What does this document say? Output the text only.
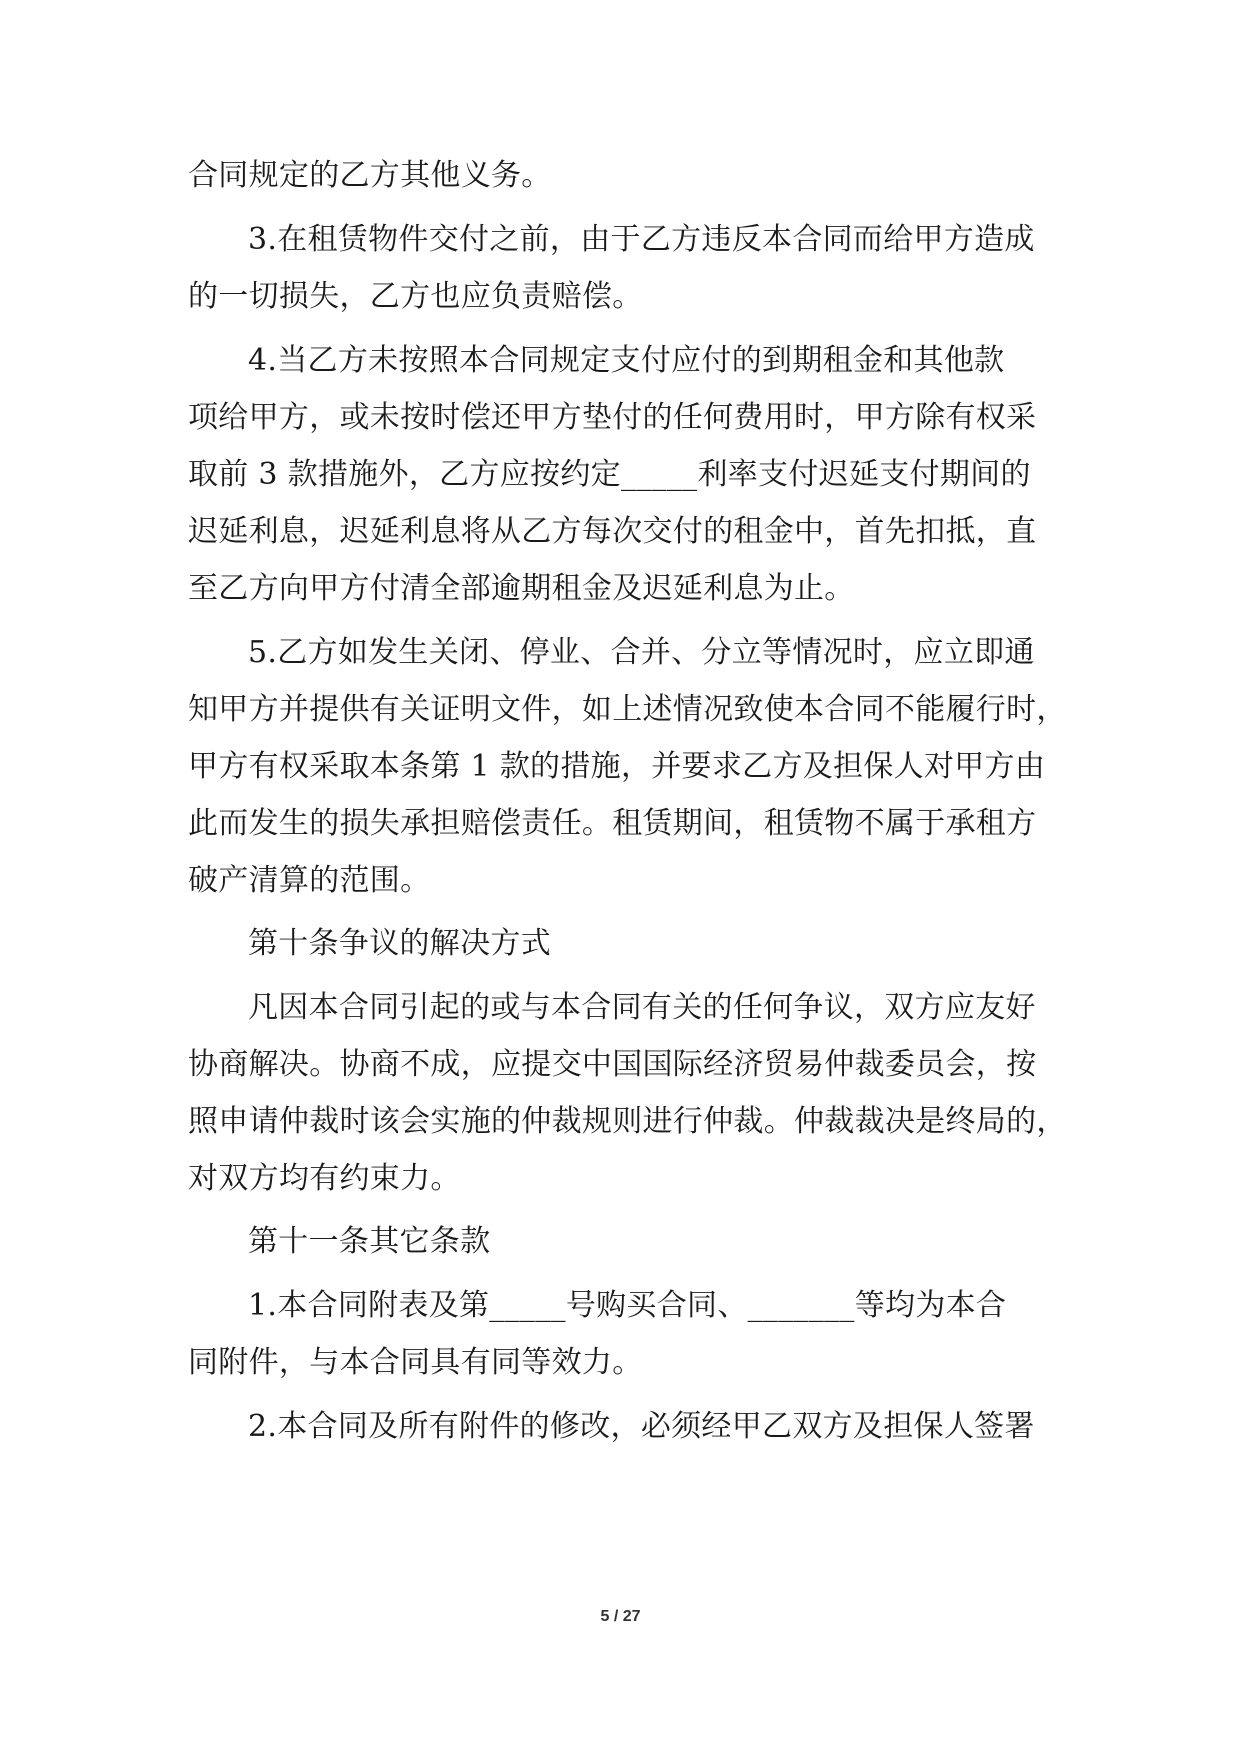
合同规定的乙方其他义务。
3.在租赁物件交付之前，由于乙方违反本合同而给甲方造成
的一切损失，乙方也应负责赔偿。
4.当乙方未按照本合同规定支付应付的到期租金和其他款
项给甲方，或未按时偿还甲方垫付的任何费用时，甲方除有权采
取前 3 款措施外，乙方应按约定_____利率支付迟延支付期间的
迟延利息，迟延利息将从乙方每次交付的租金中，首先扣抵，直
至乙方向甲方付清全部逾期租金及迟延利息为止。
5.乙方如发生关闭、停业、合并、分立等情况时，应立即通
知甲方并提供有关证明文件，如上述情况致使本合同不能履行时，
甲方有权采取本条第 1 款的措施，并要求乙方及担保人对甲方由
此而发生的损失承担赔偿责任。租赁期间，租赁物不属于承租方
破产清算的范围。
第十条争议的解决方式
凡因本合同引起的或与本合同有关的任何争议，双方应友好
协商解决。协商不成，应提交中国国际经济贸易仲裁委员会，按
照申请仲裁时该会实施的仲裁规则进行仲裁。仲裁裁决是终局的，
对双方均有约束力。
第十一条其它条款
1.本合同附表及第_____号购买合同、_______等均为本合
同附件，与本合同具有同等效力。
2.本合同及所有附件的修改，必须经甲乙双方及担保人签署
5 / 27
